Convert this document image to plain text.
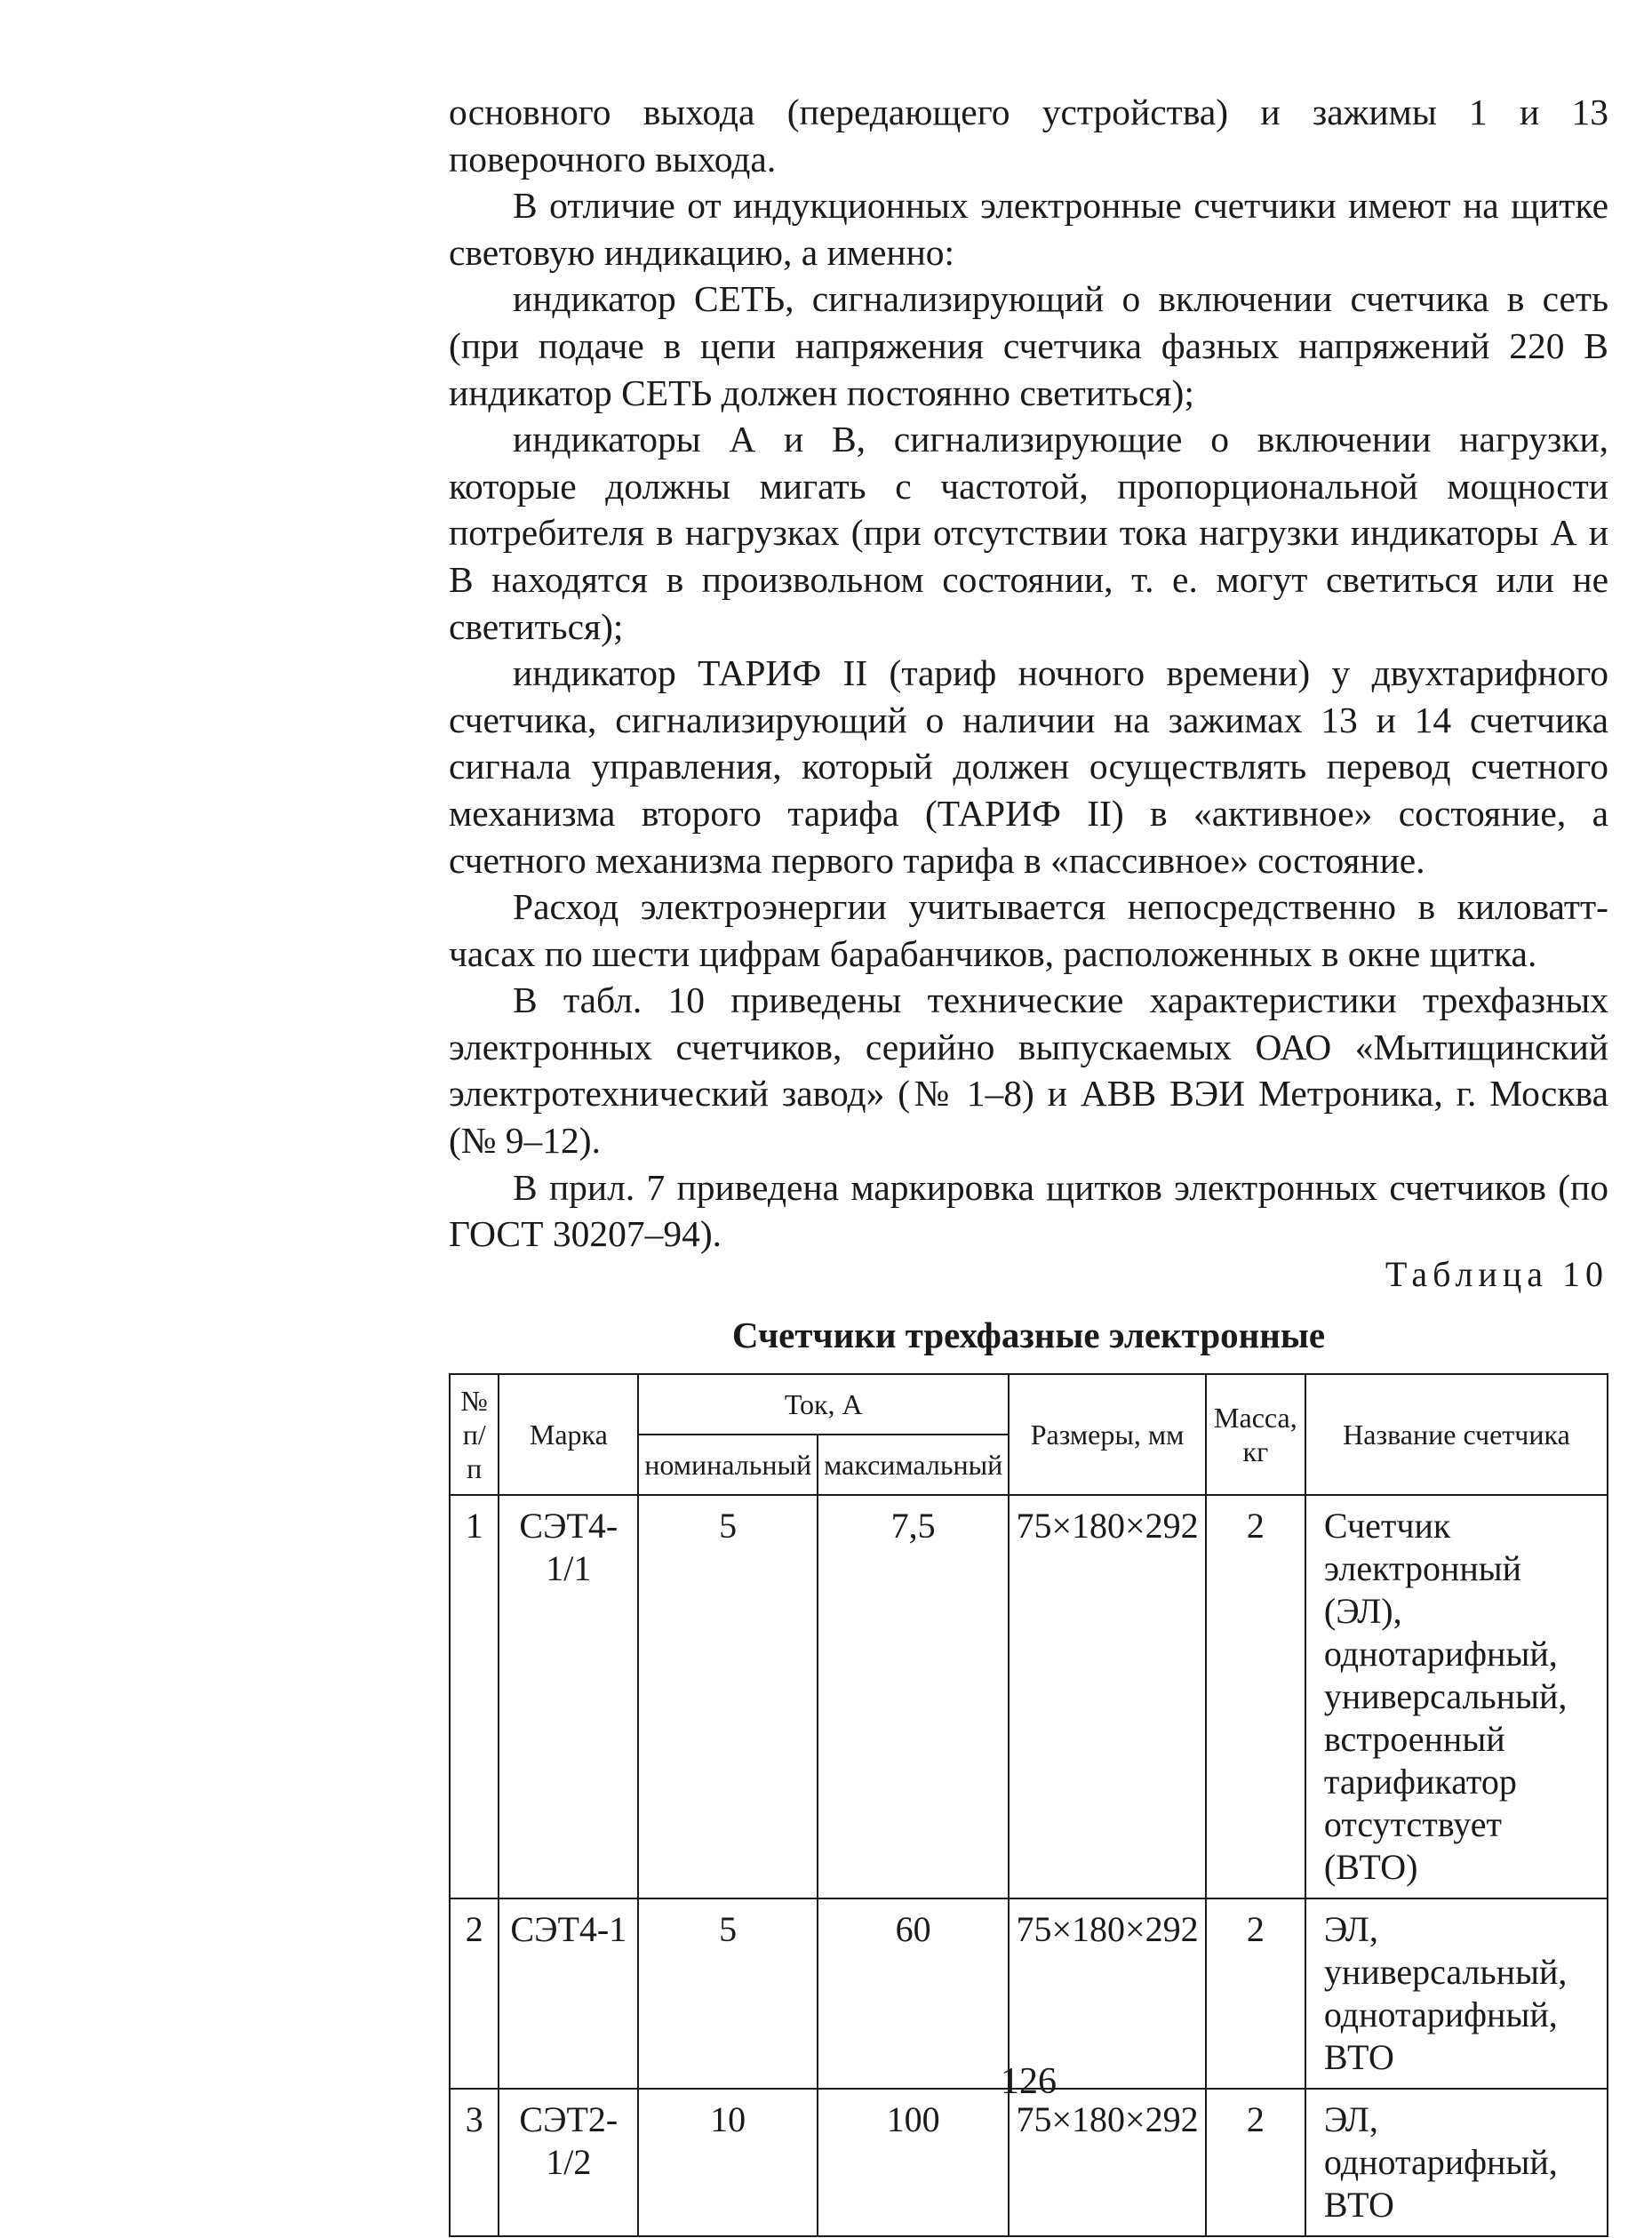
основного выхода (передающего устройства) и зажимы 1 и 13 поверочного выхода.

В отличие от индукционных электронные счетчики имеют на щитке световую индикацию, а именно:

индикатор СЕТЬ, сигнализирующий о включении счетчика в сеть (при подаче в цепи напряжения счетчика фазных напряжений 220 В индикатор СЕТЬ должен постоянно светиться);

индикаторы А и В, сигнализирующие о включении нагрузки, которые должны мигать с частотой, пропорциональной мощности потребителя в нагрузках (при отсутствии тока нагрузки индикаторы А и В находятся в произвольном состоянии, т. е. могут светиться или не светиться);

индикатор ТАРИФ II (тариф ночного времени) у двухтарифного счетчика, сигнализирующий о наличии на зажимах 13 и 14 счетчика сигнала управления, который должен осуществлять перевод счетного механизма второго тарифа (ТАРИФ II) в «активное» состояние, а счетного механизма первого тарифа в «пассивное» состояние.

Расход электроэнергии учитывается непосредственно в киловатт-часах по шести цифрам барабанчиков, расположенных в окне щитка.

В табл. 10 приведены технические характеристики трехфазных электронных счетчиков, серийно выпускаемых ОАО «Мытищинский электротехнический завод» (№ 1–8) и АВВ ВЭИ Метроника, г. Москва (№ 9–12).

В прил. 7 приведена маркировка щитков электронных счетчиков (по ГОСТ 30207–94).

Таблица 10
Счетчики трехфазные электронные
№ п/п	Марка	Ток, А		Размеры, мм	Масса, кг	Название счетчика
		номинальный	максимальный			
1	СЭТ4-1/1	5	7,5	75×180×292	2	Счетчик электронный (ЭЛ), однотарифный, универсальный, встроенный тарификатор отсутствует (ВТО)
2	СЭТ4-1	5	60	75×180×292	2	ЭЛ, универсальный, однотарифный, ВТО
3	СЭТ2-1/2	10	100	75×180×292	2	ЭЛ, однотарифный, ВТО
126
